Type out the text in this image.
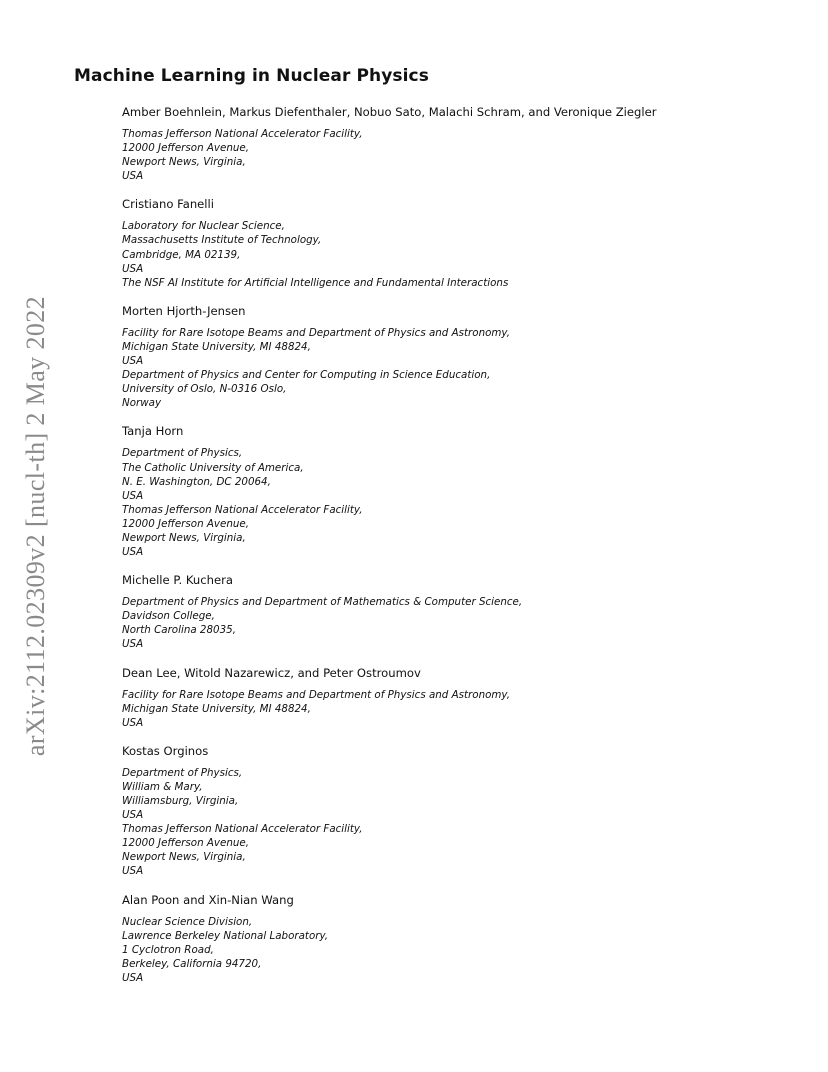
Machine Learning in Nuclear Physics
arXiv:2112.02309v2 [nucl-th] 2 May 2022
Amber Boehnlein, Markus Diefenthaler, Nobuo Sato, Malachi Schram, and Veronique Ziegler
Thomas Jefferson National Accelerator Facility,
12000 Jefferson Avenue,
Newport News, Virginia,
USA
Cristiano Fanelli
Laboratory for Nuclear Science,
Massachusetts Institute of Technology,
Cambridge, MA 02139,
USA
The NSF AI Institute for Artificial Intelligence and Fundamental Interactions
Morten Hjorth-Jensen
Facility for Rare Isotope Beams and Department of Physics and Astronomy,
Michigan State University, MI 48824,
USA
Department of Physics and Center for Computing in Science Education,
University of Oslo, N-0316 Oslo,
Norway
Tanja Horn
Department of Physics,
The Catholic University of America,
N. E. Washington, DC 20064,
USA
Thomas Jefferson National Accelerator Facility,
12000 Jefferson Avenue,
Newport News, Virginia,
USA
Michelle P. Kuchera
Department of Physics and Department of Mathematics & Computer Science,
Davidson College,
North Carolina 28035,
USA
Dean Lee, Witold Nazarewicz, and Peter Ostroumov
Facility for Rare Isotope Beams and Department of Physics and Astronomy,
Michigan State University, MI 48824,
USA
Kostas Orginos
Department of Physics,
William & Mary,
Williamsburg, Virginia,
USA
Thomas Jefferson National Accelerator Facility,
12000 Jefferson Avenue,
Newport News, Virginia,
USA
Alan Poon and Xin-Nian Wang
Nuclear Science Division,
Lawrence Berkeley National Laboratory,
1 Cyclotron Road,
Berkeley, California 94720,
USA
